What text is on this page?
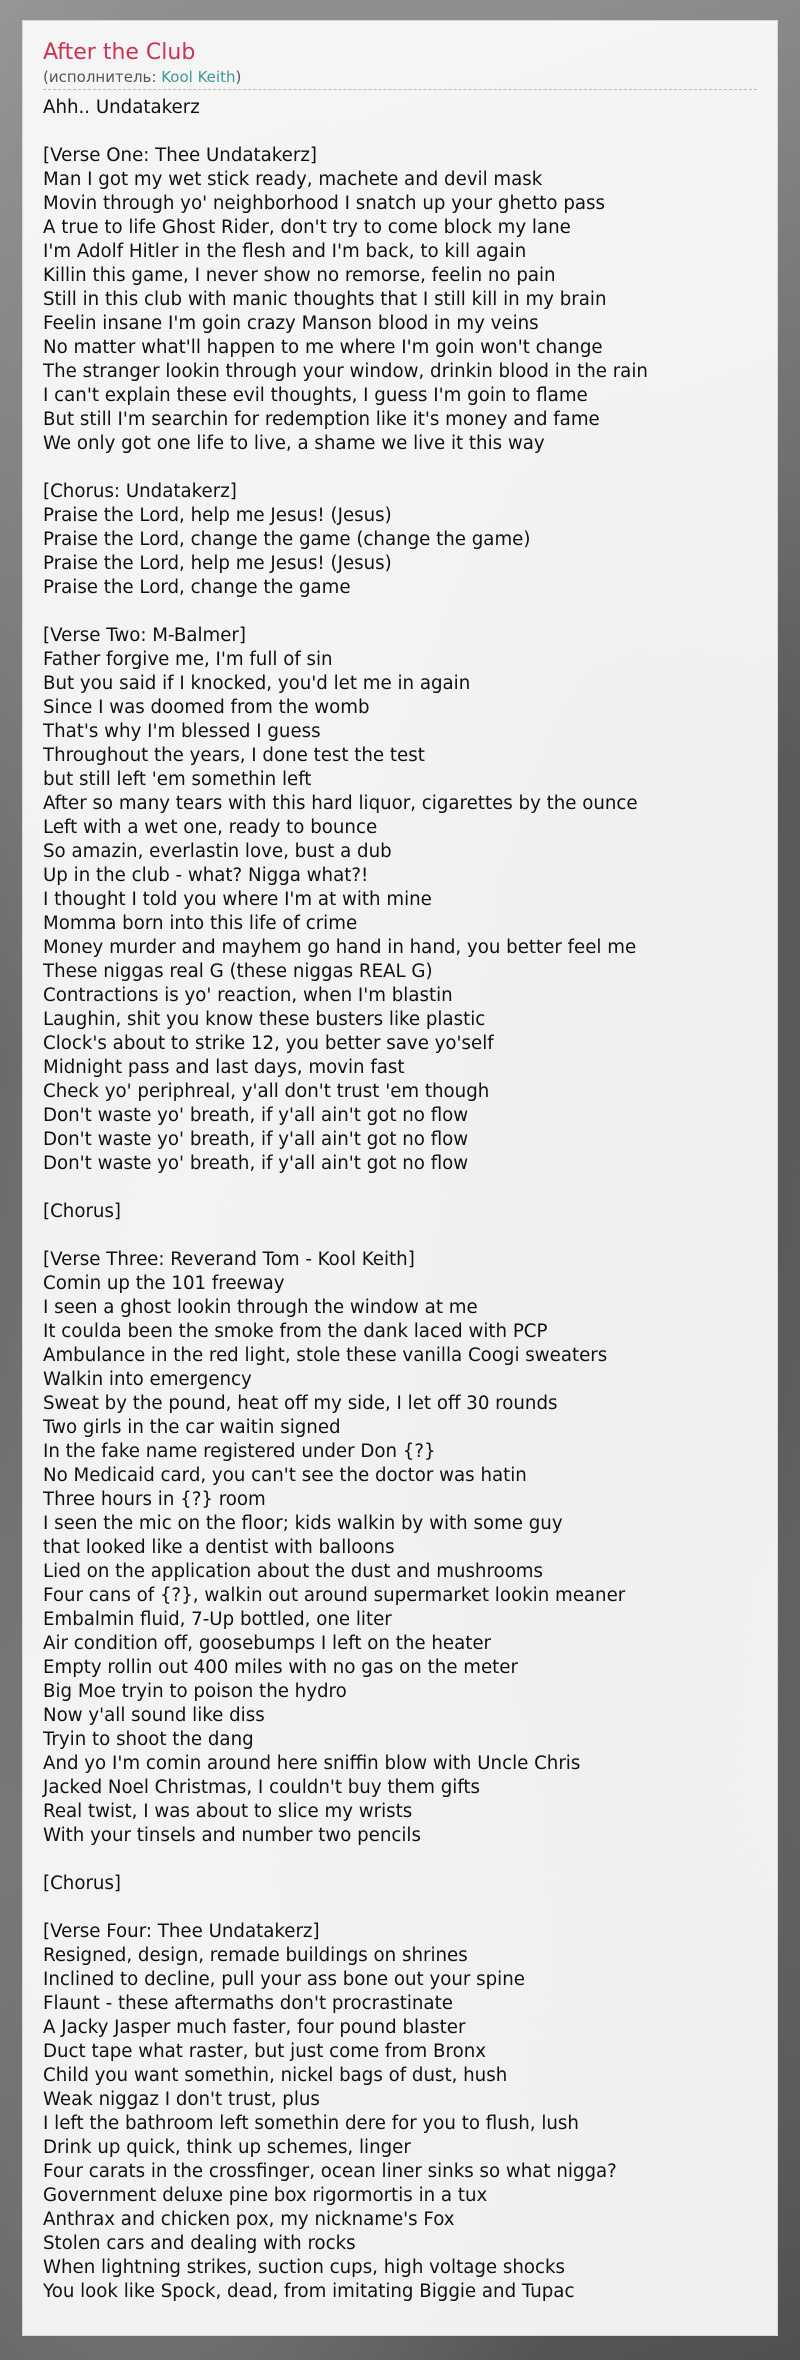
After the Club
(исполнитель: Kool Keith)
Ahh.. Undatakerz
[Verse One: Thee Undatakerz]
Man I got my wet stick ready, machete and devil mask
Movin through yo' neighborhood I snatch up your ghetto pass
A true to life Ghost Rider, don't try to come block my lane
I'm Adolf Hitler in the flesh and I'm back, to kill again
Killin this game, I never show no remorse, feelin no pain
Still in this club with manic thoughts that I still kill in my brain
Feelin insane I'm goin crazy Manson blood in my veins
No matter what'll happen to me where I'm goin won't change
The stranger lookin through your window, drinkin blood in the rain
I can't explain these evil thoughts, I guess I'm goin to flame
But still I'm searchin for redemption like it's money and fame
We only got one life to live, a shame we live it this way
[Chorus: Undatakerz]
Praise the Lord, help me Jesus! (Jesus)
Praise the Lord, change the game (change the game)
Praise the Lord, help me Jesus! (Jesus)
Praise the Lord, change the game
[Verse Two: M-Balmer]
Father forgive me, I'm full of sin
But you said if I knocked, you'd let me in again
Since I was doomed from the womb
That's why I'm blessed I guess
Throughout the years, I done test the test
but still left 'em somethin left
After so many tears with this hard liquor, cigarettes by the ounce
Left with a wet one, ready to bounce
So amazin, everlastin love, bust a dub
Up in the club - what? Nigga what?!
I thought I told you where I'm at with mine
Momma born into this life of crime
Money murder and mayhem go hand in hand, you better feel me
These niggas real G (these niggas REAL G)
Contractions is yo' reaction, when I'm blastin
Laughin, shit you know these busters like plastic
Clock's about to strike 12, you better save yo'self
Midnight pass and last days, movin fast
Check yo' periphreal, y'all don't trust 'em though
Don't waste yo' breath, if y'all ain't got no flow
Don't waste yo' breath, if y'all ain't got no flow
Don't waste yo' breath, if y'all ain't got no flow
[Chorus]
[Verse Three: Reverand Tom - Kool Keith]
Comin up the 101 freeway
I seen a ghost lookin through the window at me
It coulda been the smoke from the dank laced with PCP
Ambulance in the red light, stole these vanilla Coogi sweaters
Walkin into emergency
Sweat by the pound, heat off my side, I let off 30 rounds
Two girls in the car waitin signed
In the fake name registered under Don {?}
No Medicaid card, you can't see the doctor was hatin
Three hours in {?} room
I seen the mic on the floor; kids walkin by with some guy
that looked like a dentist with balloons
Lied on the application about the dust and mushrooms
Four cans of {?}, walkin out around supermarket lookin meaner
Embalmin fluid, 7-Up bottled, one liter
Air condition off, goosebumps I left on the heater
Empty rollin out 400 miles with no gas on the meter
Big Moe tryin to poison the hydro
Now y'all sound like diss
Tryin to shoot the dang
And yo I'm comin around here sniffin blow with Uncle Chris
Jacked Noel Christmas, I couldn't buy them gifts
Real twist, I was about to slice my wrists
With your tinsels and number two pencils
[Chorus]
[Verse Four: Thee Undatakerz]
Resigned, design, remade buildings on shrines
Inclined to decline, pull your ass bone out your spine
Flaunt - these aftermaths don't procrastinate
A Jacky Jasper much faster, four pound blaster
Duct tape what raster, but just come from Bronx
Child you want somethin, nickel bags of dust, hush
Weak niggaz I don't trust, plus
I left the bathroom left somethin dere for you to flush, lush
Drink up quick, think up schemes, linger
Four carats in the crossfinger, ocean liner sinks so what nigga?
Government deluxe pine box rigormortis in a tux
Anthrax and chicken pox, my nickname's Fox
Stolen cars and dealing with rocks
When lightning strikes, suction cups, high voltage shocks
You look like Spock, dead, from imitating Biggie and Tupac
